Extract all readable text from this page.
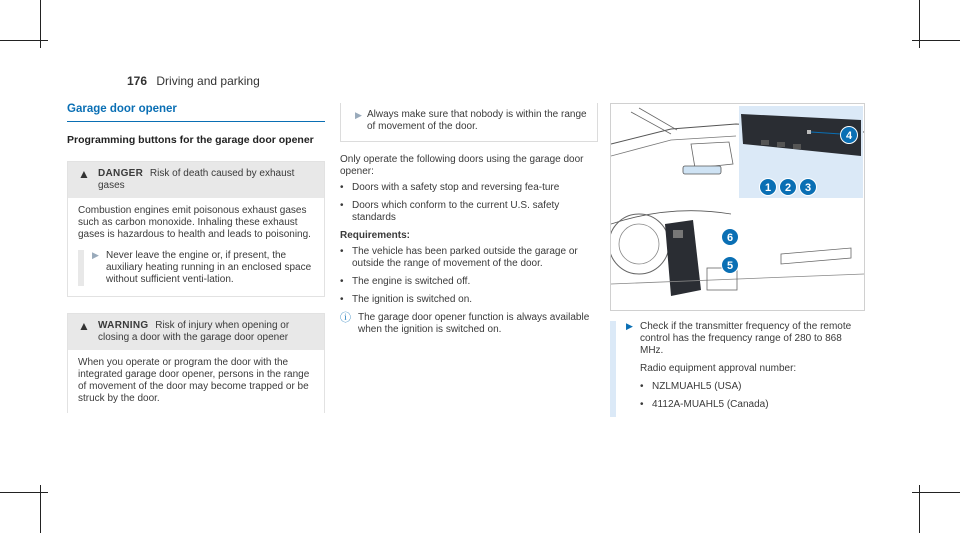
176 Driving and parking
Garage door opener
Programming buttons for the garage door opener
▲ DANGER Risk of death caused by exhaust gases
Combustion engines emit poisonous exhaust gases such as carbon monoxide. Inhaling these exhaust gases is hazardous to health and leads to poisoning.
▶ Never leave the engine or, if present, the auxiliary heating running in an enclosed space without sufficient venti-lation.
▲ WARNING Risk of injury when opening or closing a door with the garage door opener
When you operate or program the door with the integrated garage door opener, persons in the range of movement of the door may become trapped or be struck by the door.
▶ Always make sure that nobody is within the range of movement of the door.

Only operate the following doors using the garage door opener:

• Doors with a safety stop and reversing fea-ture
• Doors which conform to the current U.S. safety standards
Requirements:
• The vehicle has been parked outside the garage or outside the range of movement of the door.
• The engine is switched off.
• The ignition is switched on.
ⓘ The garage door opener function is always available when the ignition is switched on.
1	2	3
4
5
6
▶ Check if the transmitter frequency of the remote control has the frequency range of 280 to 868 MHz.

Radio equipment approval number:

• NZLMUAHL5 (USA)
• 4112A-MUAHL5 (Canada)
